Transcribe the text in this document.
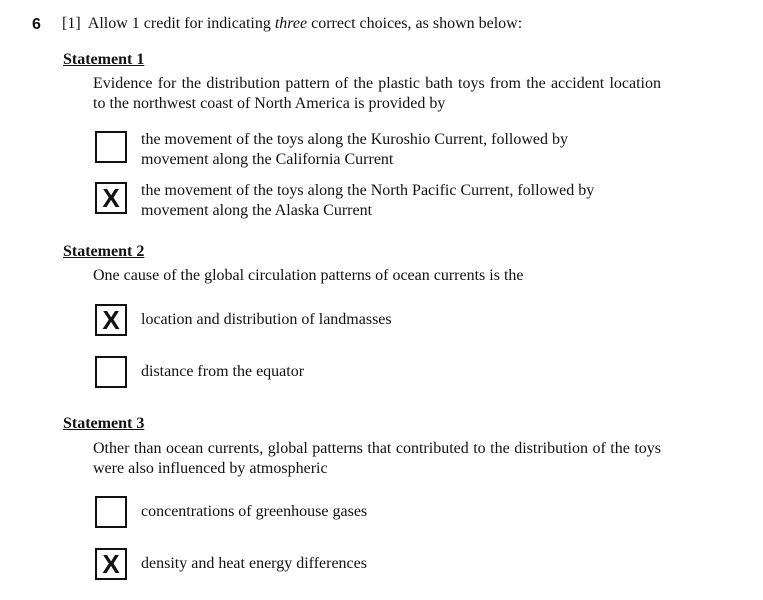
6 [1] Allow 1 credit for indicating three correct choices, as shown below:
Statement 1
Evidence for the distribution pattern of the plastic bath toys from the accident location to the northwest coast of North America is provided by
the movement of the toys along the Kuroshio Current, followed by movement along the California Current
X	the movement of the toys along the North Pacific Current, followed by movement along the Alaska Current
Statement 2
One cause of the global circulation patterns of ocean currents is the
X	location and distribution of landmasses
distance from the equator
Statement 3
Other than ocean currents, global patterns that contributed to the distribution of the toys were also influenced by atmospheric
concentrations of greenhouse gases
X	density and heat energy differences
